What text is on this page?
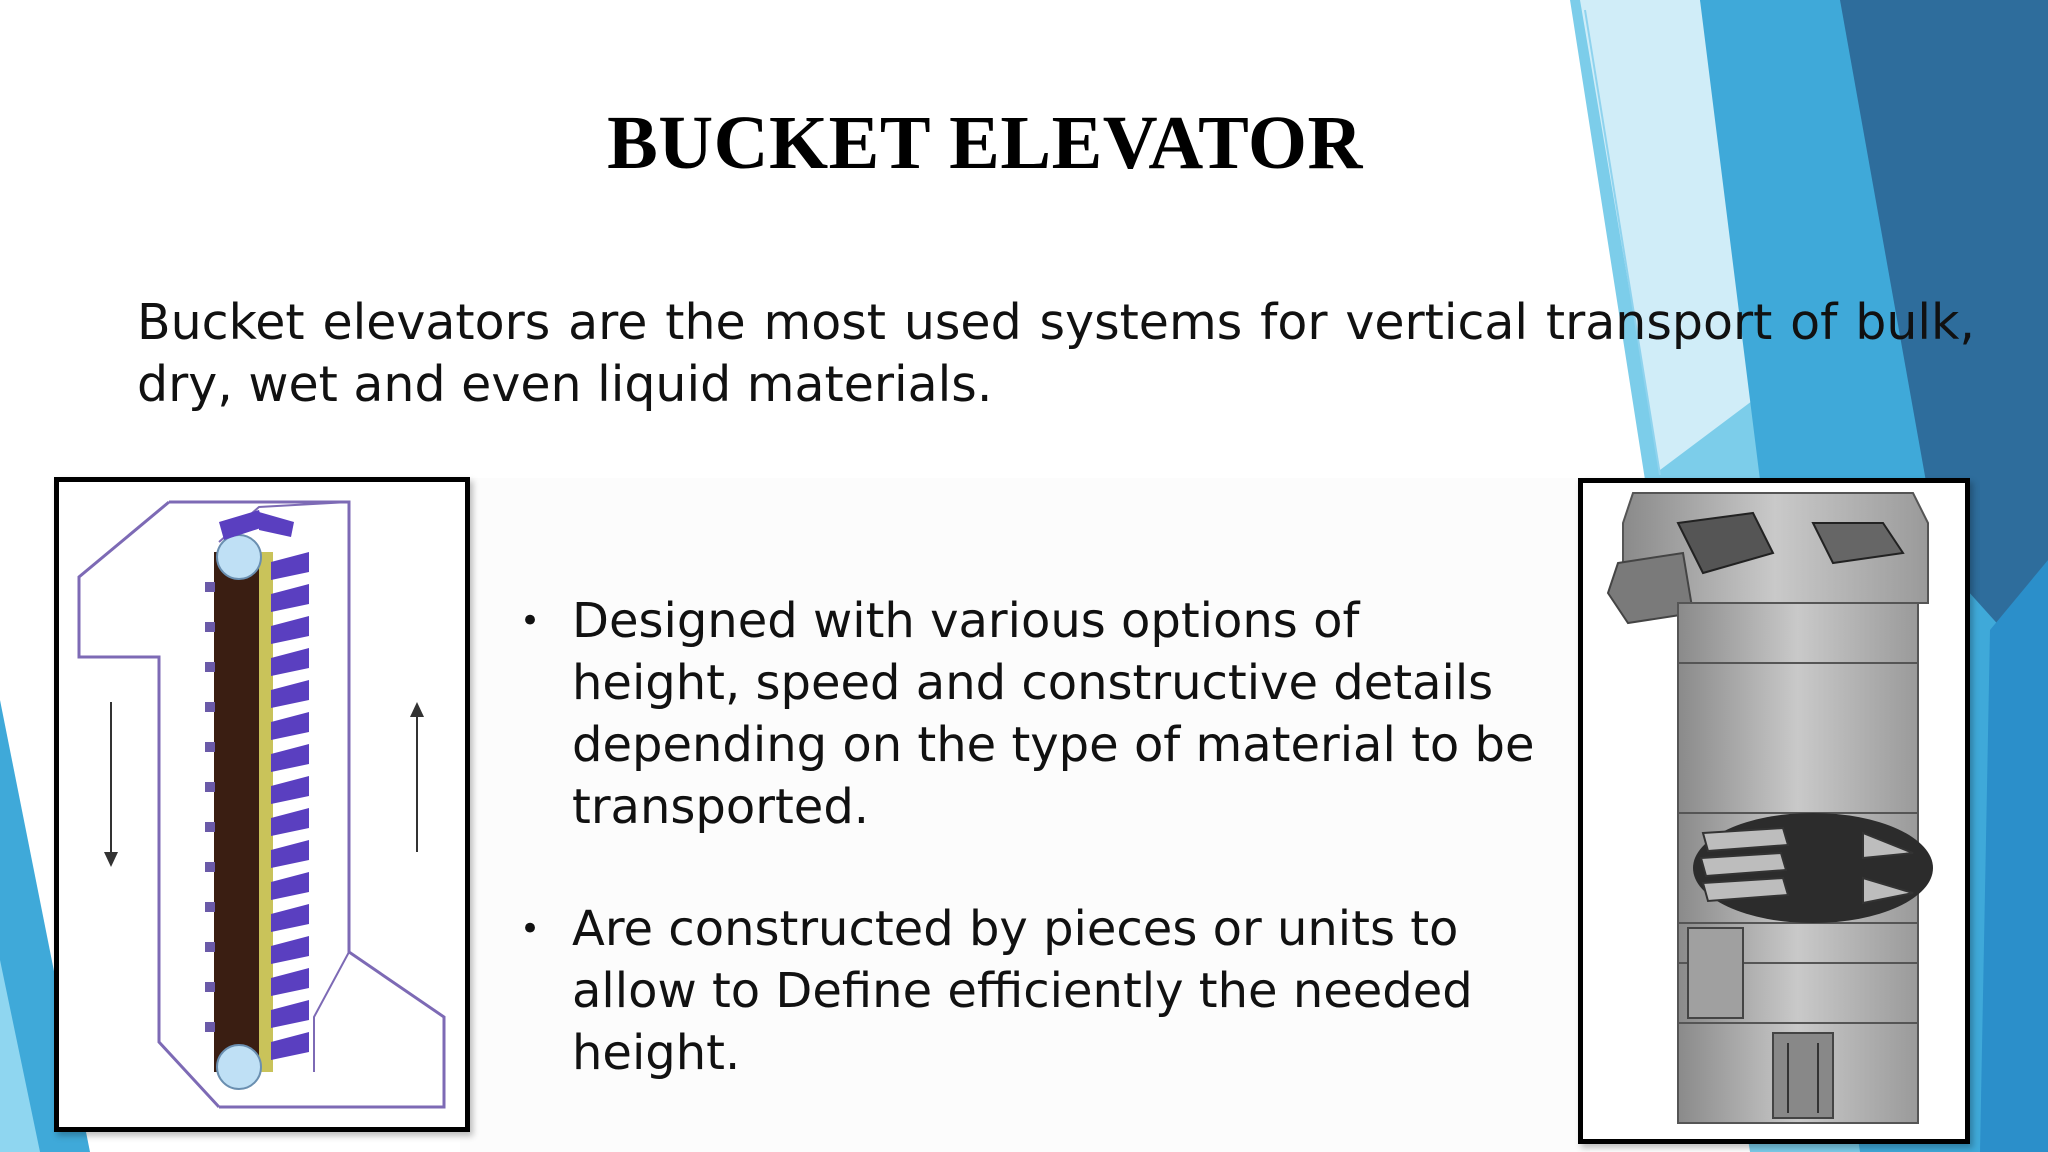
BUCKET ELEVATOR
Bucket elevators are the most used systems for vertical transport of bulk, dry, wet and even liquid materials.
• Designed with various options of height, speed and constructive details depending on the type of material to be transported.
• Are constructed by pieces or units to allow to Define efficiently the needed height.
